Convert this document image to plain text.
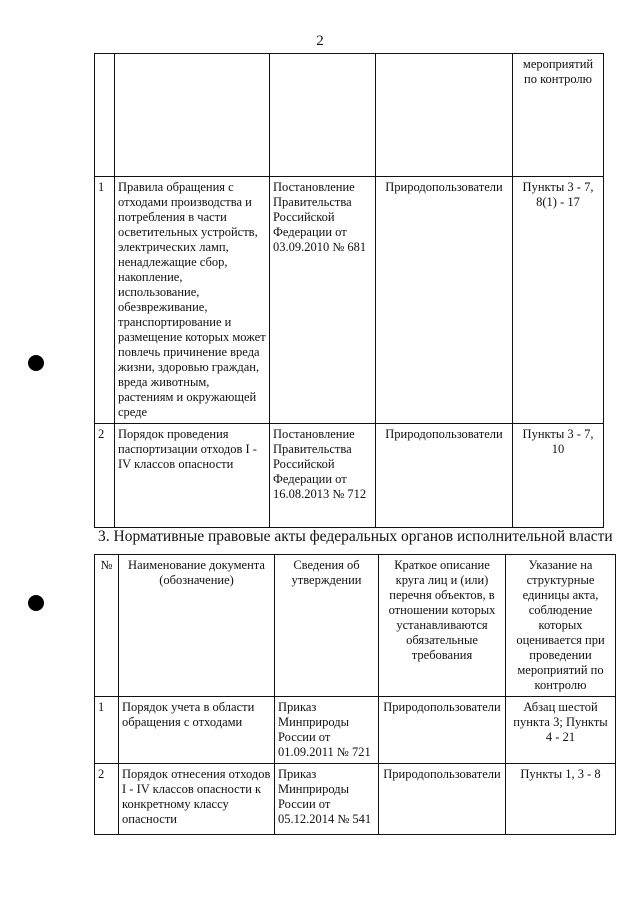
2
				мероприятий по контролю
1	Правила обращения с отходами производства и потребления в части осветительных устройств, электрических ламп, ненадлежащие сбор, накопление, использование, обезвреживание, транспортирование и размещение которых может повлечь причинение вреда жизни, здоровью граждан, вреда животным, растениям и окружающей среде	Постановление Правительства Российской Федерации от 03.09.2010 № 681	Природопользователи	Пункты 3 - 7, 8(1) - 17
2	Порядок проведения паспортизации отходов I - IV классов опасности	Постановление Правительства Российской Федерации от 16.08.2013 № 712	Природопользователи	Пункты 3 - 7, 10
3. Нормативные правовые акты федеральных органов исполнительной власти
№	Наименование документа (обозначение)	Сведения об утверждении	Краткое описание круга лиц и (или) перечня объектов, в отношении которых устанавливаются обязательные требования	Указание на структурные единицы акта, соблюдение которых оценивается при проведении мероприятий по контролю
1	Порядок учета в области обращения с отходами	Приказ Минприроды России от 01.09.2011 № 721	Природопользователи	Абзац шестой пункта 3; Пункты 4 - 21
2	Порядок отнесения отходов I - IV классов опасности к конкретному классу опасности	Приказ Минприроды России от 05.12.2014 № 541	Природопользователи	Пункты 1, 3 - 8
